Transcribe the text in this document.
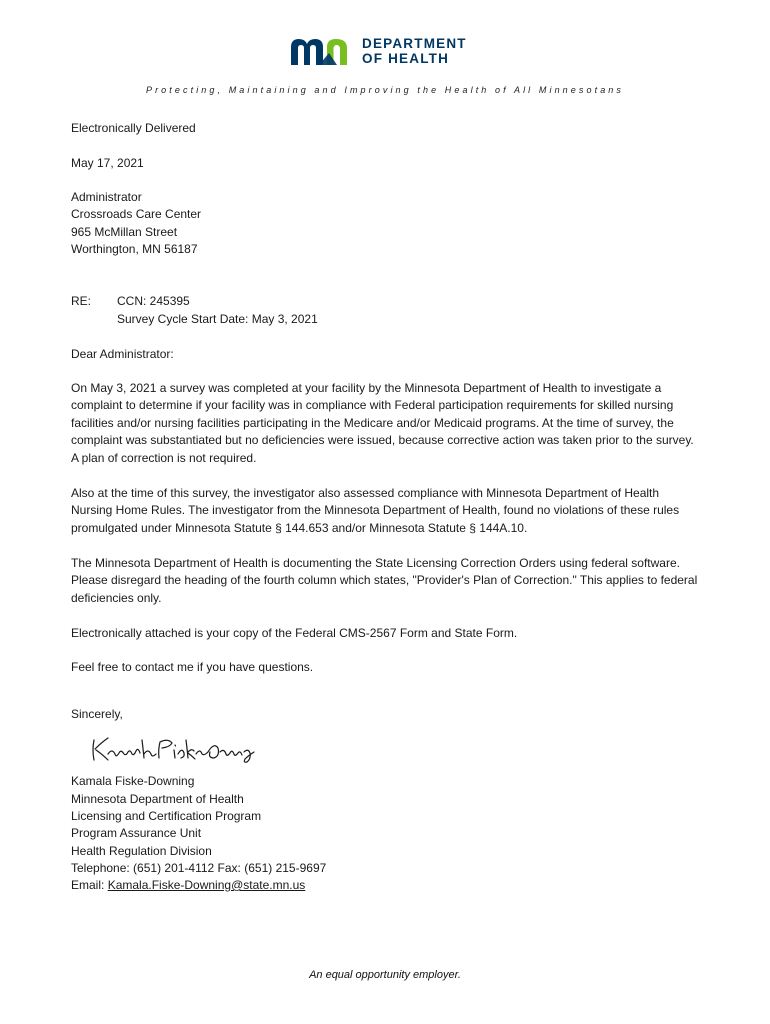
DEPARTMENT
OF HEALTH
Protecting, Maintaining and Improving the Health of All Minnesotans
Electronically Delivered
May 17, 2021
Administrator
Crossroads Care Center
965 McMillan Street
Worthington, MN 56187
RE: CCN: 245395
Survey Cycle Start Date: May 3, 2021
Dear Administrator:
On May 3, 2021 a survey was completed at your facility by the Minnesota Department of Health to investigate a complaint to determine if your facility was in compliance with Federal participation requirements for skilled nursing facilities and/or nursing facilities participating in the Medicare and/or Medicaid programs. At the time of survey, the complaint was substantiated but no deficiencies were issued, because corrective action was taken prior to the survey. A plan of correction is not required.
Also at the time of this survey, the investigator also assessed compliance with Minnesota Department of Health Nursing Home Rules. The investigator from the Minnesota Department of Health, found no violations of these rules promulgated under Minnesota Statute § 144.653 and/or Minnesota Statute § 144A.10.
The Minnesota Department of Health is documenting the State Licensing Correction Orders using federal software. Please disregard the heading of the fourth column which states, "Provider's Plan of Correction." This applies to federal deficiencies only.
Electronically attached is your copy of the Federal CMS-2567 Form and State Form.
Feel free to contact me if you have questions.
Sincerely,
Kamala Fiske-Downing
Minnesota Department of Health
Licensing and Certification Program
Program Assurance Unit
Health Regulation Division
Telephone: (651) 201-4112 Fax: (651) 215-9697
Email: Kamala.Fiske-Downing@state.mn.us
An equal opportunity employer.
